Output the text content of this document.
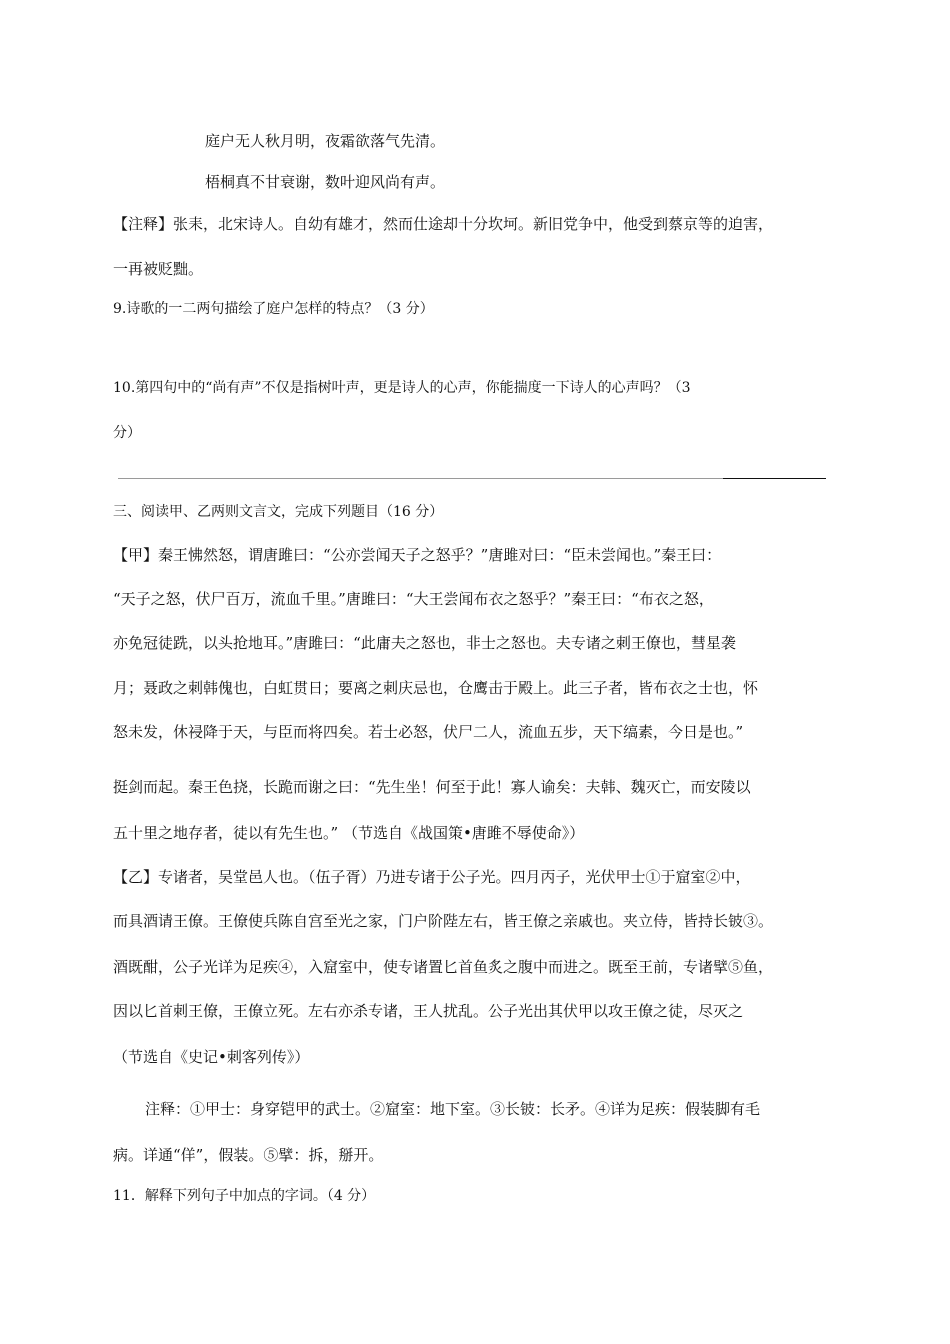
庭户无人秋月明，夜霜欲落气先清。

梧桐真不甘衰谢，数叶迎风尚有声。

【注释】张耒，北宋诗人。自幼有雄才，然而仕途却十分坎坷。新旧党争中，他受到蔡京等的迫害，

一再被贬黜。

9.诗歌的一二两句描绘了庭户怎样的特点？（3 分）

10.第四句中的“尚有声”不仅是指树叶声，更是诗人的心声，你能揣度一下诗人的心声吗？（3

分）

三、阅读甲、乙两则文言文，完成下列题目（16 分）

【甲】秦王怫然怒，谓唐雎曰：“公亦尝闻天子之怒乎？”唐雎对曰：“臣未尝闻也。”秦王曰：

“天子之怒，伏尸百万，流血千里。”唐雎曰：“大王尝闻布衣之怒乎？”秦王曰：“布衣之怒，

亦免冠徒跣，以头抢地耳。”唐雎曰：“此庸夫之怒也，非士之怒也。夫专诸之刺王僚也，彗星袭

月；聂政之刺韩傀也，白虹贯日；要离之刺庆忌也，仓鹰击于殿上。此三子者，皆布衣之士也，怀

怒未发，休祲降于天，与臣而将四矣。若士必怒，伏尸二人，流血五步，天下缟素，今日是也。”

挺剑而起。秦王色挠，长跪而谢之曰：“先生坐！何至于此！寡人谕矣：夫韩、魏灭亡，而安陵以

五十里之地存者，徒以有先生也。” （节选自《战国策•唐雎不辱使命》）

【乙】专诸者，吴堂邑人也。（伍子胥）乃进专诸于公子光。四月丙子，光伏甲士①于窟室②中，

而具酒请王僚。王僚使兵陈自宫至光之家，门户阶陛左右，皆王僚之亲戚也。夹立侍，皆持长铍③。

酒既酣，公子光详为足疾④，入窟室中，使专诸置匕首鱼炙之腹中而进之。既至王前，专诸擘⑤鱼，

因以匕首刺王僚，王僚立死。左右亦杀专诸，王人扰乱。公子光出其伏甲以攻王僚之徒，尽灭之

（节选自《史记•刺客列传》）

注释：①甲士：身穿铠甲的武士。②窟室：地下室。③长铍：长矛。④详为足疾：假装脚有毛

病。详通“佯”，假装。⑤擘：拆，掰开。

11．解释下列句子中加点的字词。（4 分）
